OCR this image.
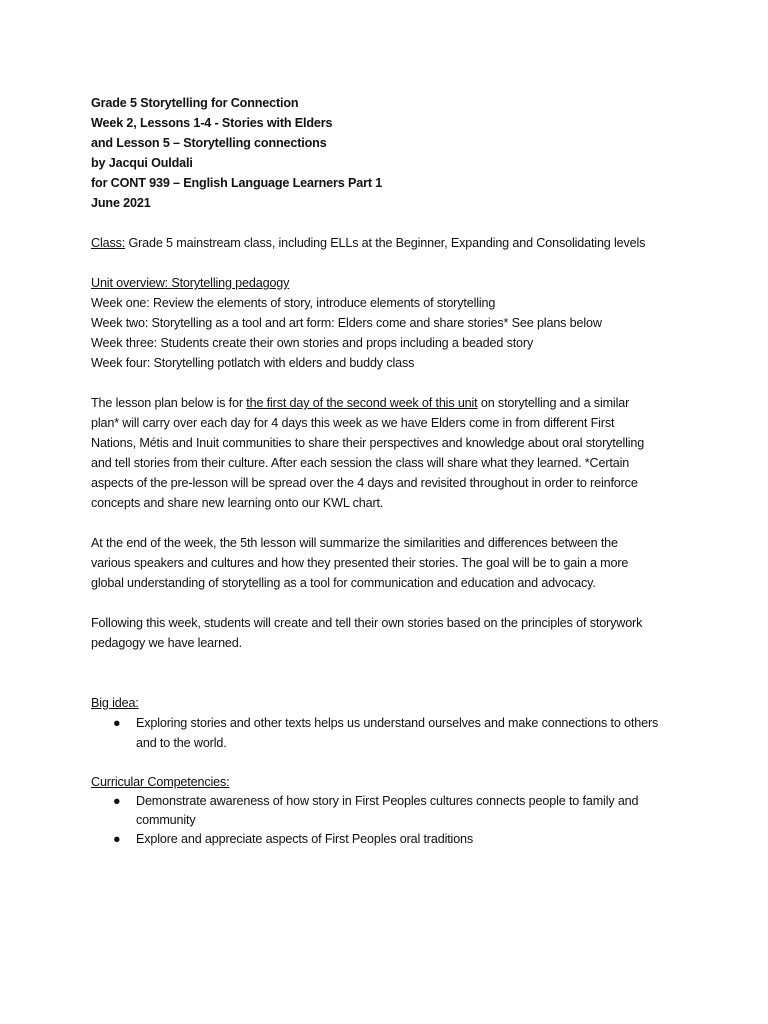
Grade 5 Storytelling for Connection
Week 2, Lessons 1-4 - Stories with Elders
and Lesson 5 – Storytelling connections
by Jacqui Ouldali
for CONT 939 – English Language Learners Part 1
June 2021
Class: Grade 5 mainstream class, including ELLs at the Beginner, Expanding and Consolidating levels
Unit overview: Storytelling pedagogy
Week one: Review the elements of story, introduce elements of storytelling
Week two: Storytelling as a tool and art form: Elders come and share stories* See plans below
Week three: Students create their own stories and props including a beaded story
Week four: Storytelling potlatch with elders and buddy class
The lesson plan below is for the first day of the second week of this unit on storytelling and a similar
plan* will carry over each day for 4 days this week as we have Elders come in from different First
Nations, Métis and Inuit communities to share their perspectives and knowledge about oral storytelling
and tell stories from their culture. After each session the class will share what they learned. *Certain
aspects of the pre-lesson will be spread over the 4 days and revisited throughout in order to reinforce
concepts and share new learning onto our KWL chart.
At the end of the week, the 5th lesson will summarize the similarities and differences between the
various speakers and cultures and how they presented their stories. The goal will be to gain a more
global understanding of storytelling as a tool for communication and education and advocacy.
Following this week, students will create and tell their own stories based on the principles of storywork
pedagogy we have learned.
Big idea:
● Exploring stories and other texts helps us understand ourselves and make connections to others
and to the world.
Curricular Competencies:
● Demonstrate awareness of how story in First Peoples cultures connects people to family and
community
● Explore and appreciate aspects of First Peoples oral traditions
